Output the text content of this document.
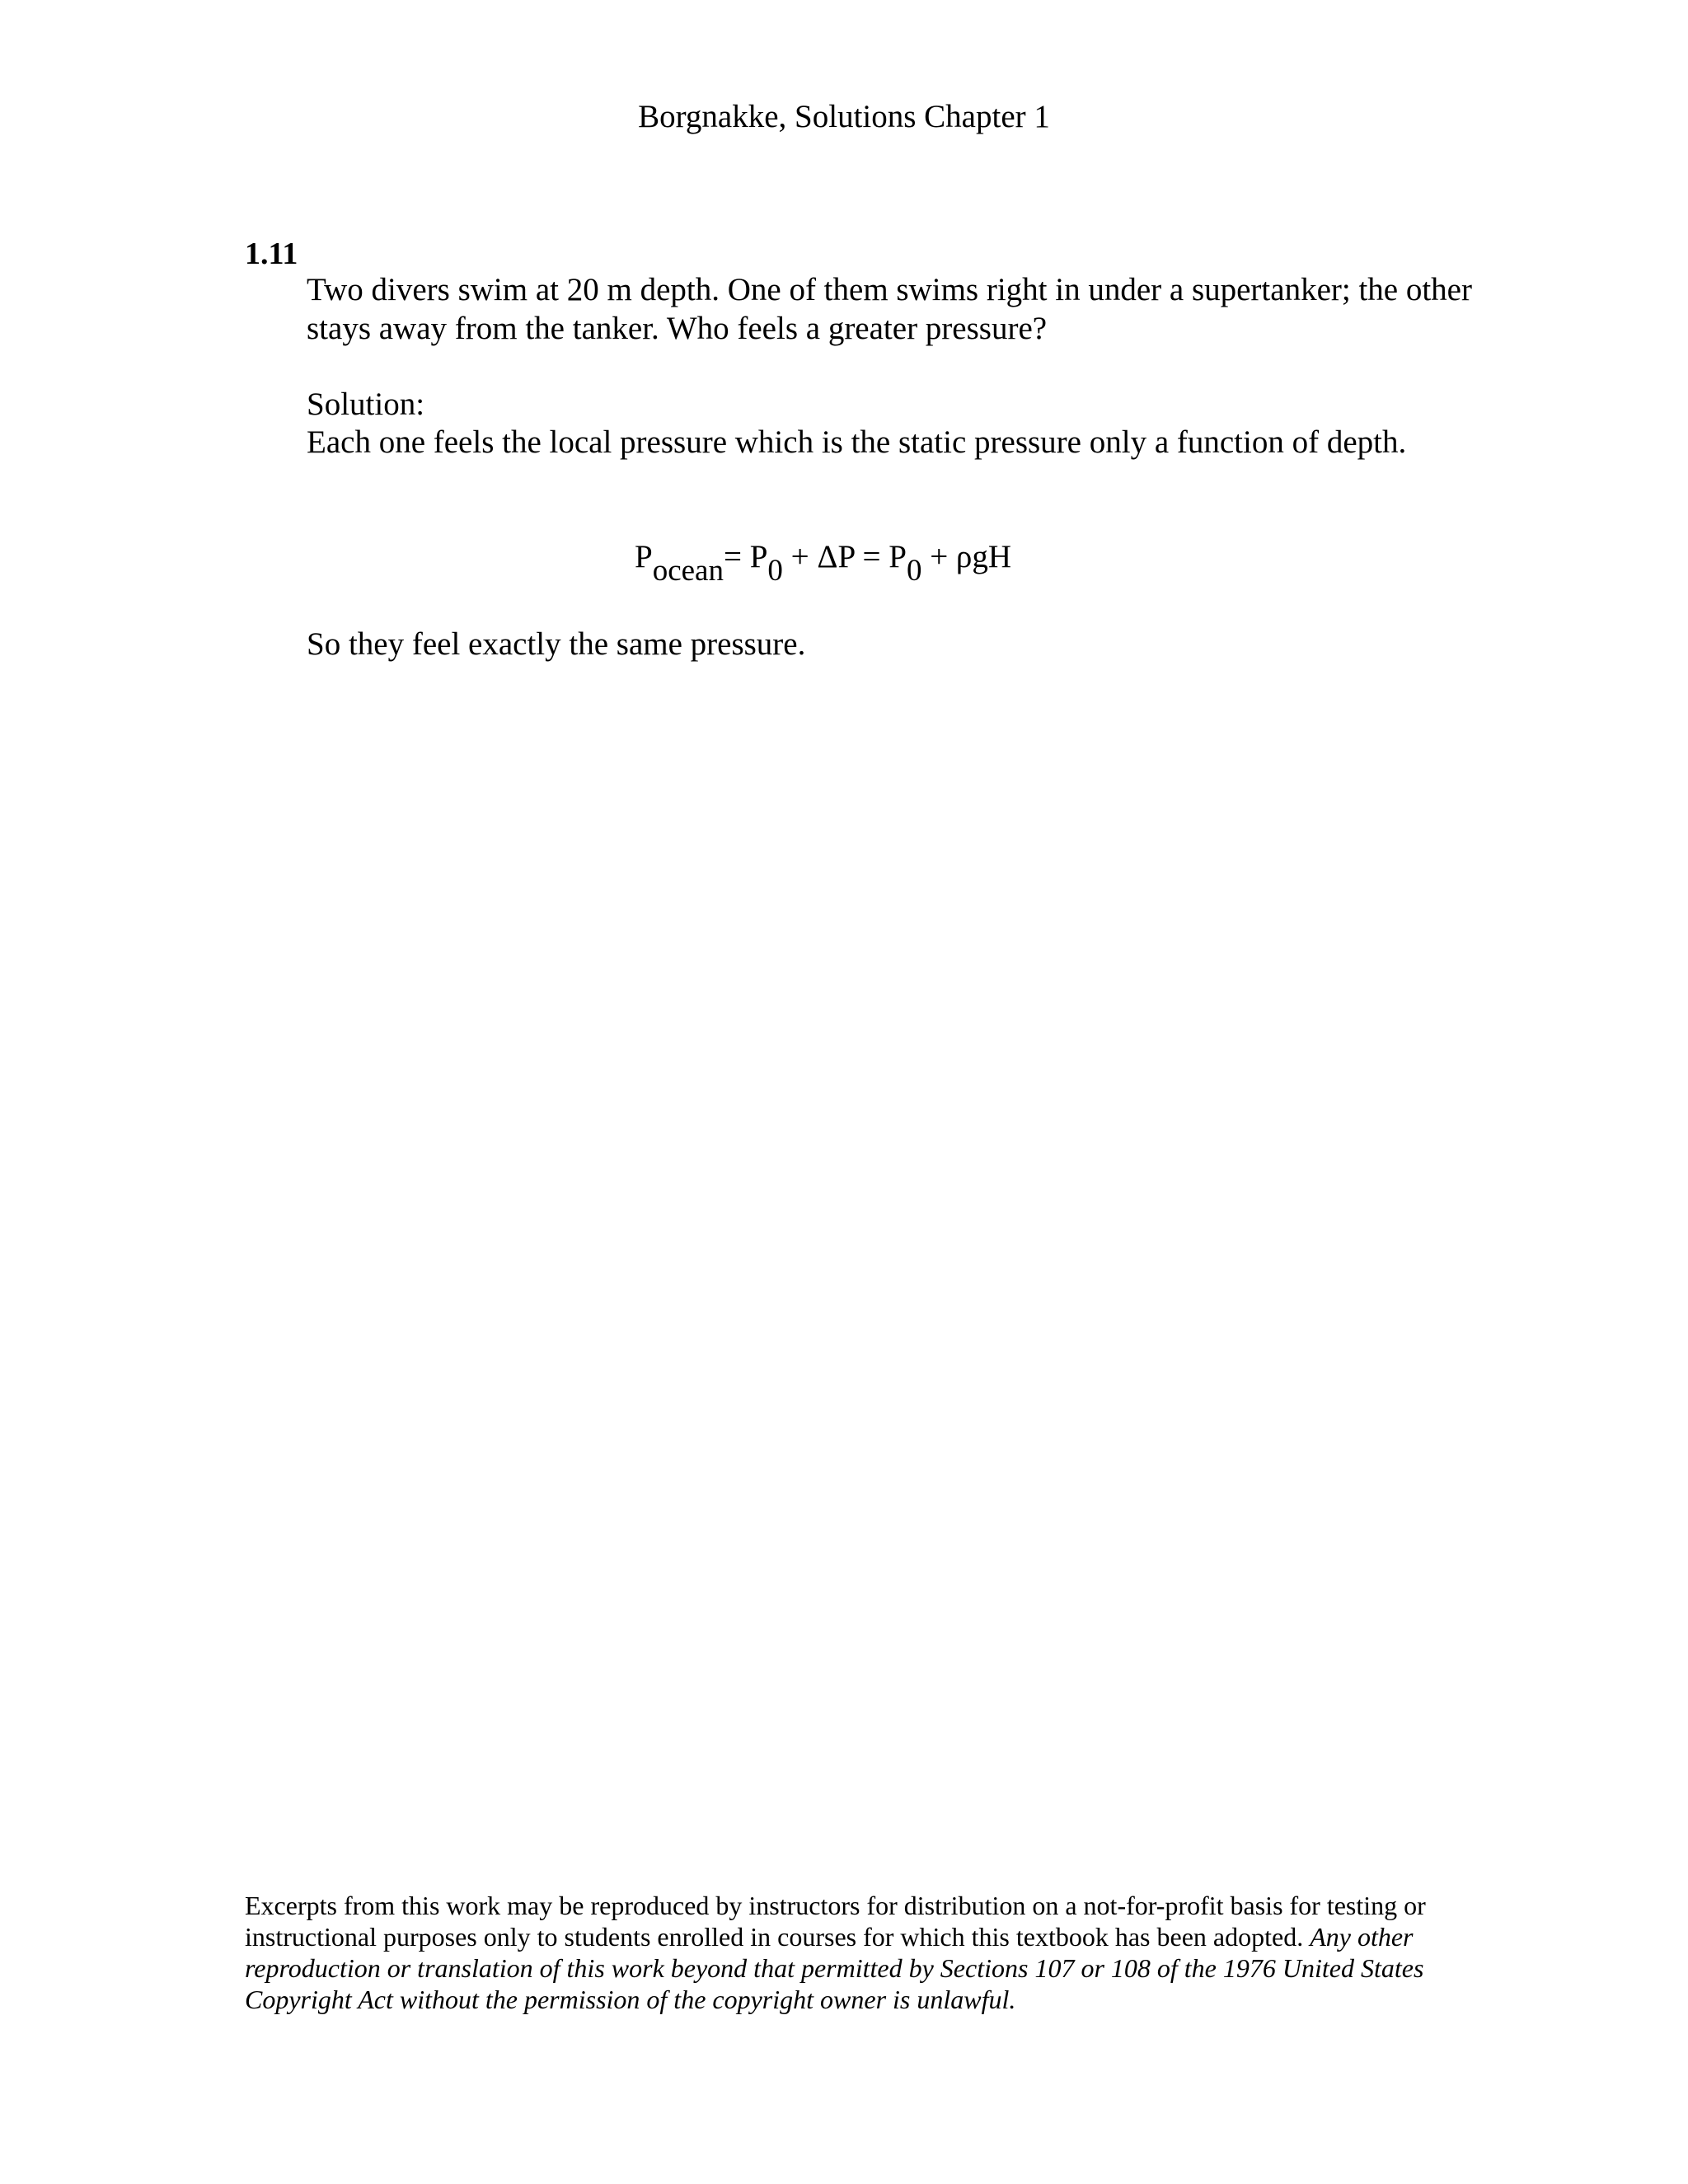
Borgnakke, Solutions Chapter 1
1.11
Two divers swim at 20 m depth. One of them swims right in under a supertanker; the other stays away from the tanker. Who feels a greater pressure?
Solution:
Each one feels the local pressure which is the static pressure only a function of depth.
Pocean= P0 + ΔP = P0 + ρgH
So they feel exactly the same pressure.
Excerpts from this work may be reproduced by instructors for distribution on a not-for-profit basis for testing or instructional purposes only to students enrolled in courses for which this textbook has been adopted. Any other reproduction or translation of this work beyond that permitted by Sections 107 or 108 of the 1976 United States Copyright Act without the permission of the copyright owner is unlawful.
